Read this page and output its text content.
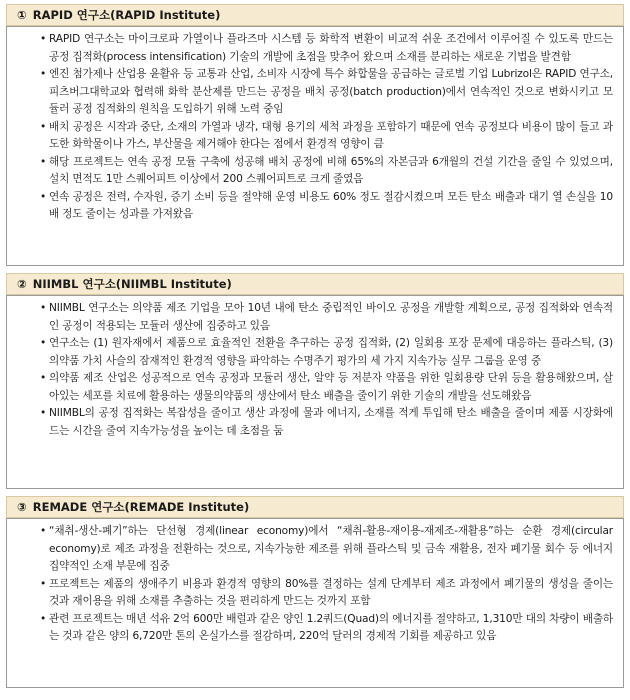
① RAPID 연구소(RAPID Institute)
• RAPID 연구소는 마이크로파 가열이나 플라즈마 시스템 등 화학적 변환이 비교적 쉬운 조건에서 이루어질 수 있도록 만드는 공정 집적화(process intensification) 기술의 개발에 초점을 맞추어 왔으며 소재를 분리하는 새로운 기법을 발견함
• 엔진 첨가제나 산업용 윤활유 등 교통과 산업, 소비자 시장에 특수 화합물을 공급하는 글로벌 기업 Lubrizol은 RAPID 연구소, 피츠버그대학교와 협력해 화학 분산제를 만드는 공정을 배치 공정(batch production)에서 연속적인 것으로 변화시키고 모듈러 공정 집적화의 원칙을 도입하기 위해 노력 중임
• 배치 공정은 시작과 중단, 소재의 가열과 냉각, 대형 용기의 세척 과정을 포함하기 때문에 연속 공정보다 비용이 많이 들고 과도한 화학물이나 가스, 부산물을 제거해야 한다는 점에서 환경적 영향이 큼
• 해당 프로젝트는 연속 공정 모듈 구축에 성공해 배치 공정에 비해 65%의 자본금과 6개월의 건설 기간을 줄일 수 있었으며, 설치 면적도 1만 스퀘어피트 이상에서 200 스퀘어피트로 크게 줄였음
• 연속 공정은 전력, 수자원, 증기 소비 등을 절약해 운영 비용도 60% 정도 절감시켰으며 모든 탄소 배출과 대기 열 손실을 10배 정도 줄이는 성과를 가져왔음
② NIIMBL 연구소(NIIMBL Institute)
• NIIMBL 연구소는 의약품 제조 기업을 모아 10년 내에 탄소 중립적인 바이오 공정을 개발할 계획으로, 공정 집적화와 연속적인 공정이 적용되는 모듈러 생산에 집중하고 있음
• 연구소는 (1) 원자재에서 제품으로 효율적인 전환을 추구하는 공정 집적화, (2) 일회용 포장 문제에 대응하는 플라스틱, (3) 의약품 가치 사슬의 잠재적인 환경적 영향을 파악하는 수명주기 평가의 세 가지 지속가능 실무 그룹을 운영 중
• 의약품 제조 산업은 성공적으로 연속 공정과 모듈러 생산, 알약 등 저분자 약품을 위한 일회용량 단위 등을 활용해왔으며, 살아있는 세포를 치료에 활용하는 생물의약품의 생산에서 탄소 배출을 줄이기 위한 기술의 개발을 선도해왔음
• NIIMBL의 공정 집적화는 복잡성을 줄이고 생산 과정에 물과 에너지, 소재를 적게 투입해 탄소 배출을 줄이며 제품 시장화에 드는 시간을 줄여 지속가능성을 높이는 데 초점을 둠
③ REMADE 연구소(REMADE Institute)
• “채취-생산-폐기”하는 단선형 경제(linear economy)에서 “채취-활용-재이용-재제조-재활용”하는 순환 경제(circular economy)로 제조 과정을 전환하는 것으로, 지속가능한 제조를 위해 플라스틱 및 금속 재활용, 전자 폐기물 회수 등 에너지 집약적인 소재 부문에 집중
• 프로젝트는 제품의 생애주기 비용과 환경적 영향의 80%를 결정하는 설계 단계부터 제조 과정에서 폐기물의 생성을 줄이는 것과 재이용을 위해 소재를 추출하는 것을 편리하게 만드는 것까지 포함
• 관련 프로젝트는 매년 석유 2억 600만 배럴과 같은 양인 1.2쿼드(Quad)의 에너지를 절약하고, 1,310만 대의 차량이 배출하는 것과 같은 양의 6,720만 톤의 온실가스를 절감하며, 220억 달러의 경제적 기회를 제공하고 있음
